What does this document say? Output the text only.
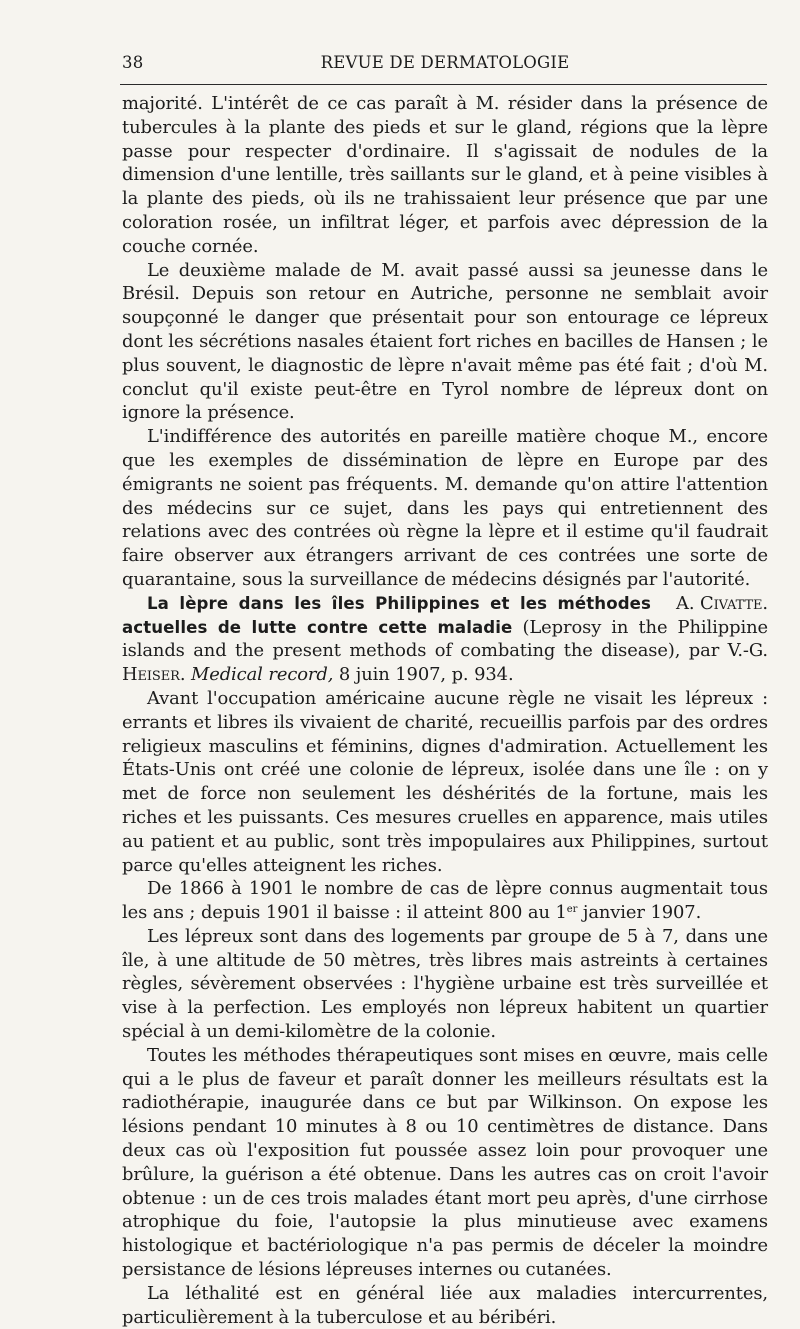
38	REVUE DE DERMATOLOGIE

majorité. L'intérêt de ce cas paraît à M. résider dans la présence de tubercules à la plante des pieds et sur le gland, régions que la lèpre passe pour respecter d'ordinaire. Il s'agissait de nodules de la dimension d'une lentille, très saillants sur le gland, et à peine visibles à la plante des pieds, où ils ne trahissaient leur présence que par une coloration rosée, un infiltrat léger, et parfois avec dépression de la couche cornée.

Le deuxième malade de M. avait passé aussi sa jeunesse dans le Brésil. Depuis son retour en Autriche, personne ne semblait avoir soupçonné le danger que présentait pour son entourage ce lépreux dont les sécrétions nasales étaient fort riches en bacilles de Hansen ; le plus souvent, le diagnostic de lèpre n'avait même pas été fait ; d'où M. conclut qu'il existe peut-être en Tyrol nombre de lépreux dont on ignore la présence.

L'indifférence des autorités en pareille matière choque M., encore que les exemples de dissémination de lèpre en Europe par des émigrants ne soient pas fréquents. M. demande qu'on attire l'attention des médecins sur ce sujet, dans les pays qui entretiennent des relations avec des contrées où règne la lèpre et il estime qu'il faudrait faire observer aux étrangers arrivant de ces contrées une sorte de quarantaine, sous la surveillance de médecins désignés par l'autorité.
A. Civatte.

La lèpre dans les îles Philippines et les méthodes actuelles de lutte contre cette maladie (Leprosy in the Philippine islands and the present methods of combating the disease), par V.-G. Heiser. Medical record, 8 juin 1907, p. 934.

Avant l'occupation américaine aucune règle ne visait les lépreux : errants et libres ils vivaient de charité, recueillis parfois par des ordres religieux masculins et féminins, dignes d'admiration. Actuellement les États-Unis ont créé une colonie de lépreux, isolée dans une île : on y met de force non seulement les déshérités de la fortune, mais les riches et les puissants. Ces mesures cruelles en apparence, mais utiles au patient et au public, sont très impopulaires aux Philippines, surtout parce qu'elles atteignent les riches.

De 1866 à 1901 le nombre de cas de lèpre connus augmentait tous les ans ; depuis 1901 il baisse : il atteint 800 au 1er janvier 1907.

Les lépreux sont dans des logements par groupe de 5 à 7, dans une île, à une altitude de 50 mètres, très libres mais astreints à certaines règles, sévèrement observées : l'hygiène urbaine est très surveillée et vise à la perfection. Les employés non lépreux habitent un quartier spécial à un demi-kilomètre de la colonie.

Toutes les méthodes thérapeutiques sont mises en œuvre, mais celle qui a le plus de faveur et paraît donner les meilleurs résultats est la radiothérapie, inaugurée dans ce but par Wilkinson. On expose les lésions pendant 10 minutes à 8 ou 10 centimètres de distance. Dans deux cas où l'exposition fut poussée assez loin pour provoquer une brûlure, la guérison a été obtenue. Dans les autres cas on croit l'avoir obtenue : un de ces trois malades étant mort peu après, d'une cirrhose atrophique du foie, l'autopsie la plus minutieuse avec examens histologique et bactériologique n'a pas permis de déceler la moindre persistance de lésions lépreuses internes ou cutanées.

La léthalité est en général liée aux maladies intercurrentes, particulièrement à la tuberculose et au béribéri.
